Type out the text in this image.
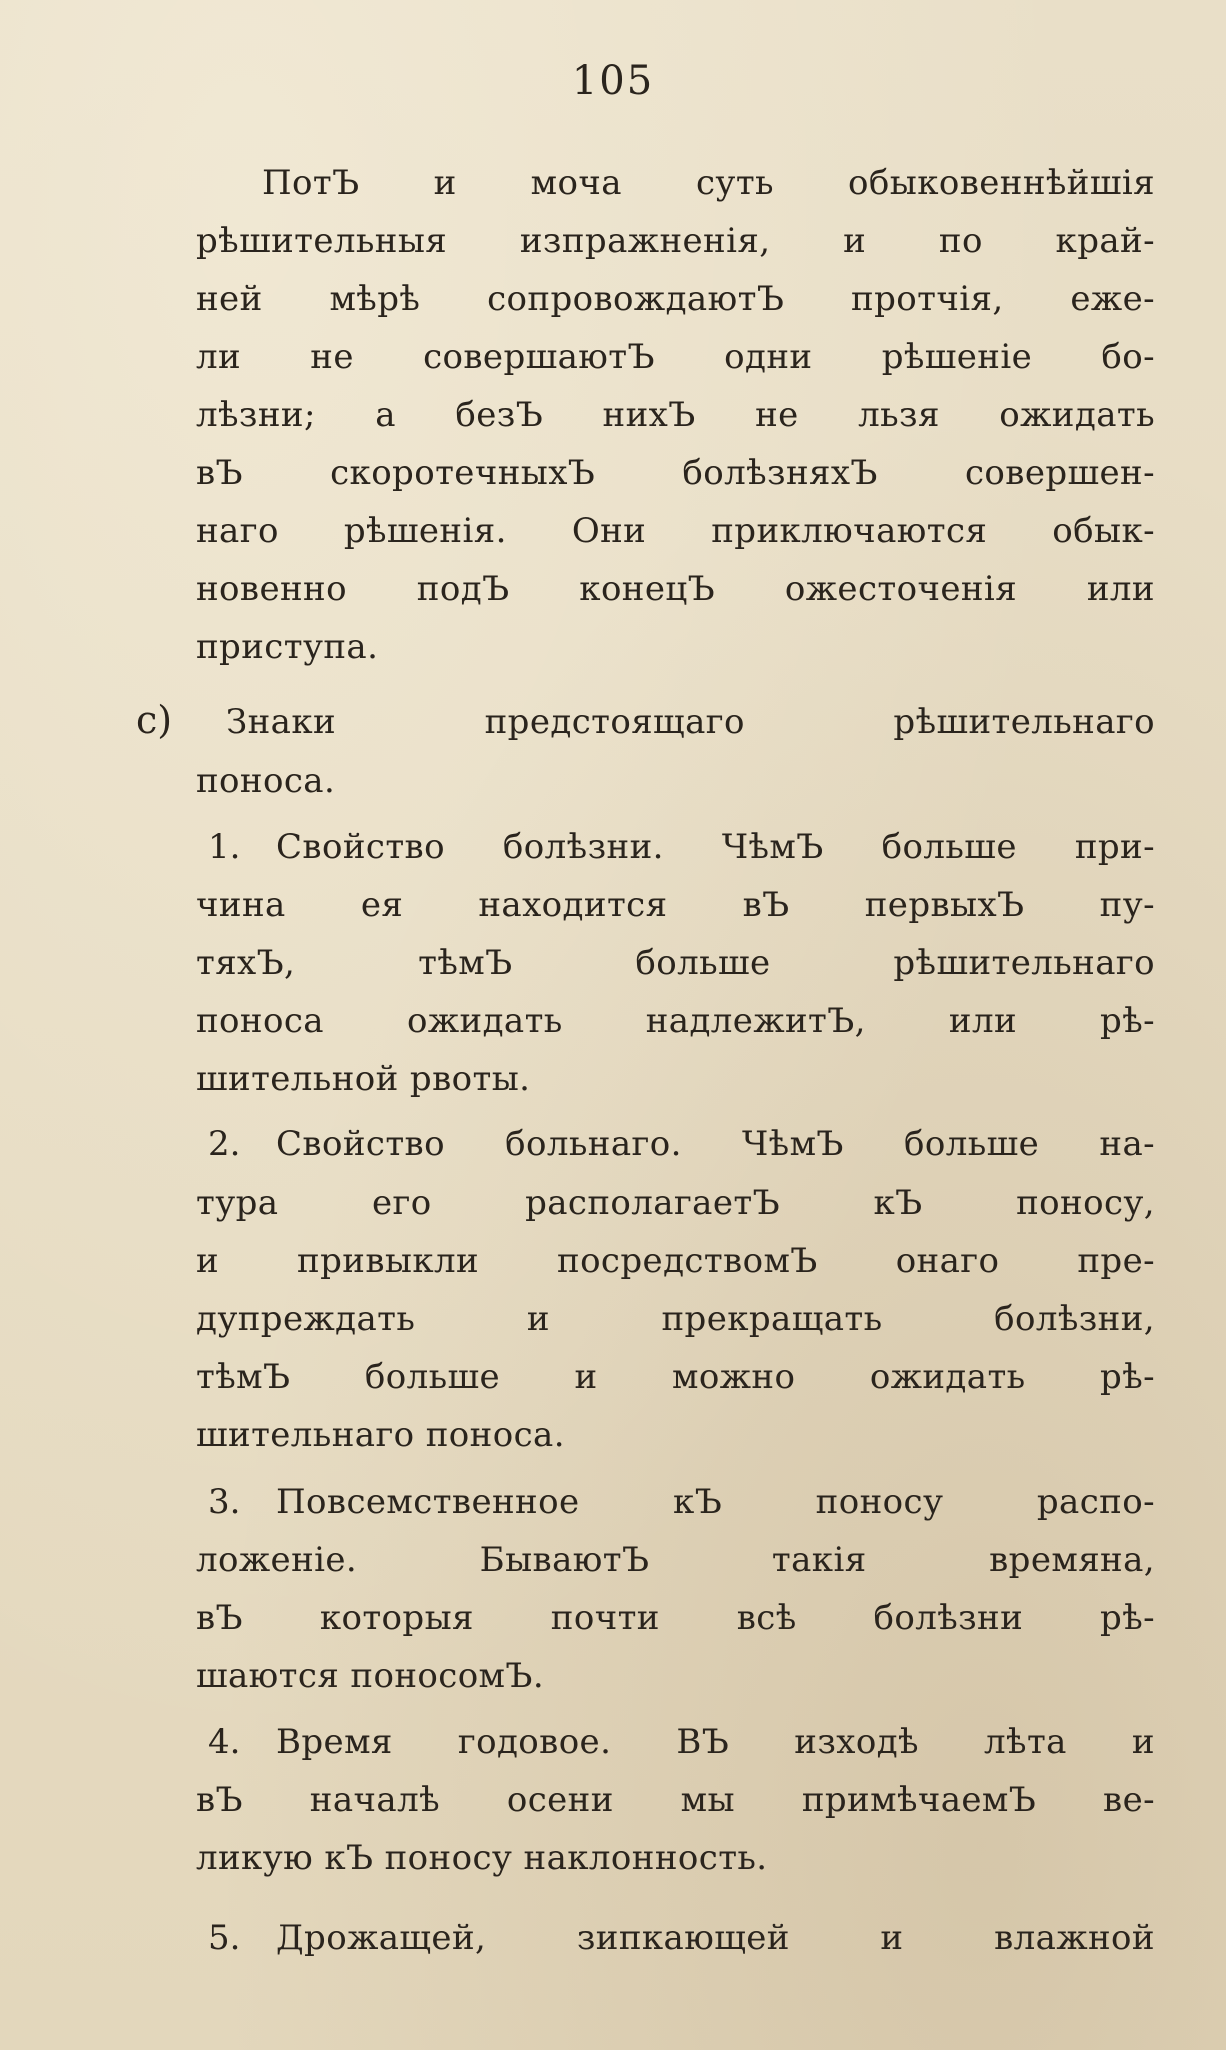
105
ПотЪ и моча суть обыковеннѣйшія
рѣшительныя изпражненія, и по край-
ней мѣрѣ сопровождаютЪ протчія, еже-
ли не совершаютЪ одни рѣшеніе бо-
лѣзни; а безЪ нихЪ не льзя ожидать
вЪ скоротечныхЪ болѣзняхЪ совершен-
наго рѣшенія. Они приключаются обык-
новенно подЪ конецЪ ожесточенія или
приступа.
c) Знаки предстоящаго рѣшительнаго
поноса.
1. Свойство болѣзни. ЧѣмЪ больше при-
чина ея находится вЪ первыхЪ пу-
тяхЪ, тѣмЪ больше рѣшительнаго
поноса ожидать надлежитЪ, или рѣ-
шительной рвоты.
2. Свойство больнаго. ЧѣмЪ больше на-
тура его располагаетЪ кЪ поносу,
и привыкли посредствомЪ онаго пре-
дупреждать и прекращать болѣзни,
тѣмЪ больше и можно ожидать рѣ-
шительнаго поноса.
3. Повсемственное кЪ поносу распо-
ложеніе. БываютЪ такія времяна,
вЪ которыя почти всѣ болѣзни рѣ-
шаются поносомЪ.
4. Время годовое. ВЪ изходѣ лѣта и
вЪ началѣ осени мы примѣчаемЪ ве-
ликую кЪ поносу наклонность.
5. Дрожащей, зипкающей и влажной
